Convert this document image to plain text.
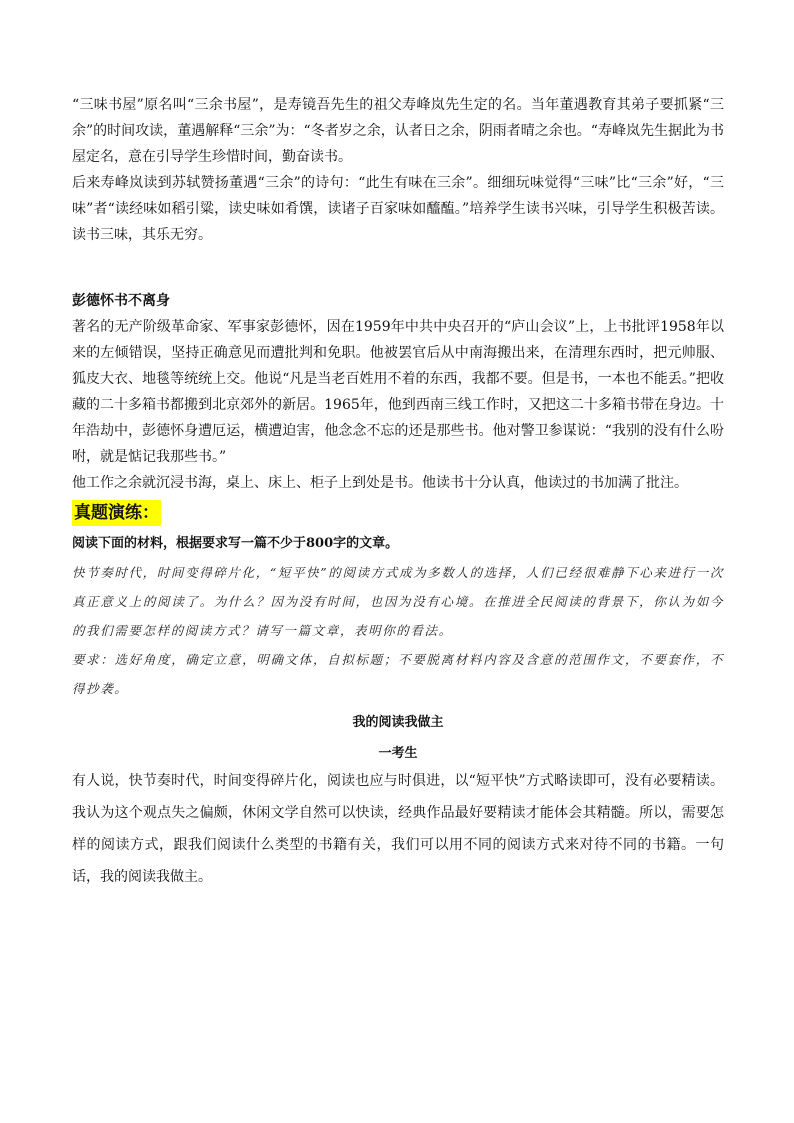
“三味书屋”原名叫“三余书屋”，是寿镜吾先生的祖父寿峰岚先生定的名。当年董遇教育其弟子要抓紧“三余”的时间攻读，董遇解释“三余”为：“冬者岁之余，认者日之余，阴雨者晴之余也。“寿峰岚先生据此为书屋定名，意在引导学生珍惜时间，勤奋读书。

后来寿峰岚读到苏轼赞扬董遇“三余”的诗句：“此生有味在三余”。细细玩味觉得“三味”比“三余”好，“三味”者“读经味如稻引粱，读史味如肴馔，读诸子百家味如醯醢。”培养学生读书兴味，引导学生积极苦读。读书三味，其乐无穷。

彭德怀书不离身

著名的无产阶级革命家、军事家彭德怀，因在1959年中共中央召开的“庐山会议”上，上书批评1958年以来的左倾错误，坚持正确意见而遭批判和免职。他被罢官后从中南海搬出来，在清理东西时，把元帅服、狐皮大衣、地毯等统统上交。他说“凡是当老百姓用不着的东西，我都不要。但是书，一本也不能丢。”把收藏的二十多箱书都搬到北京郊外的新居。1965年，他到西南三线工作时，又把这二十多箱书带在身边。十年浩劫中，彭德怀身遭厄运，横遭迫害，他念念不忘的还是那些书。他对警卫参谋说：“我别的没有什么吩咐，就是惦记我那些书。”

他工作之余就沉浸书海，桌上、床上、柜子上到处是书。他读书十分认真，他读过的书加满了批注。

真题演练：

阅读下面的材料，根据要求写一篇不少于800字的文章。

快节奏时代，时间变得碎片化，“短平快”的阅读方式成为多数人的选择，人们已经很难静下心来进行一次真正意义上的阅读了。为什么？因为没有时间，也因为没有心境。在推进全民阅读的背景下，你认为如今的我们需要怎样的阅读方式？请写一篇文章，表明你的看法。

要求：选好角度，确定立意，明确文体，自拟标题；不要脱离材料内容及含意的范围作文，不要套作，不得抄袭。

我的阅读我做主

一考生

有人说，快节奏时代，时间变得碎片化，阅读也应与时俱进，以“短平快”方式略读即可，没有必要精读。我认为这个观点失之偏颇，休闲文学自然可以快读，经典作品最好要精读才能体会其精髓。所以，需要怎样的阅读方式，跟我们阅读什么类型的书籍有关，我们可以用不同的阅读方式来对待不同的书籍。一句话，我的阅读我做主。
